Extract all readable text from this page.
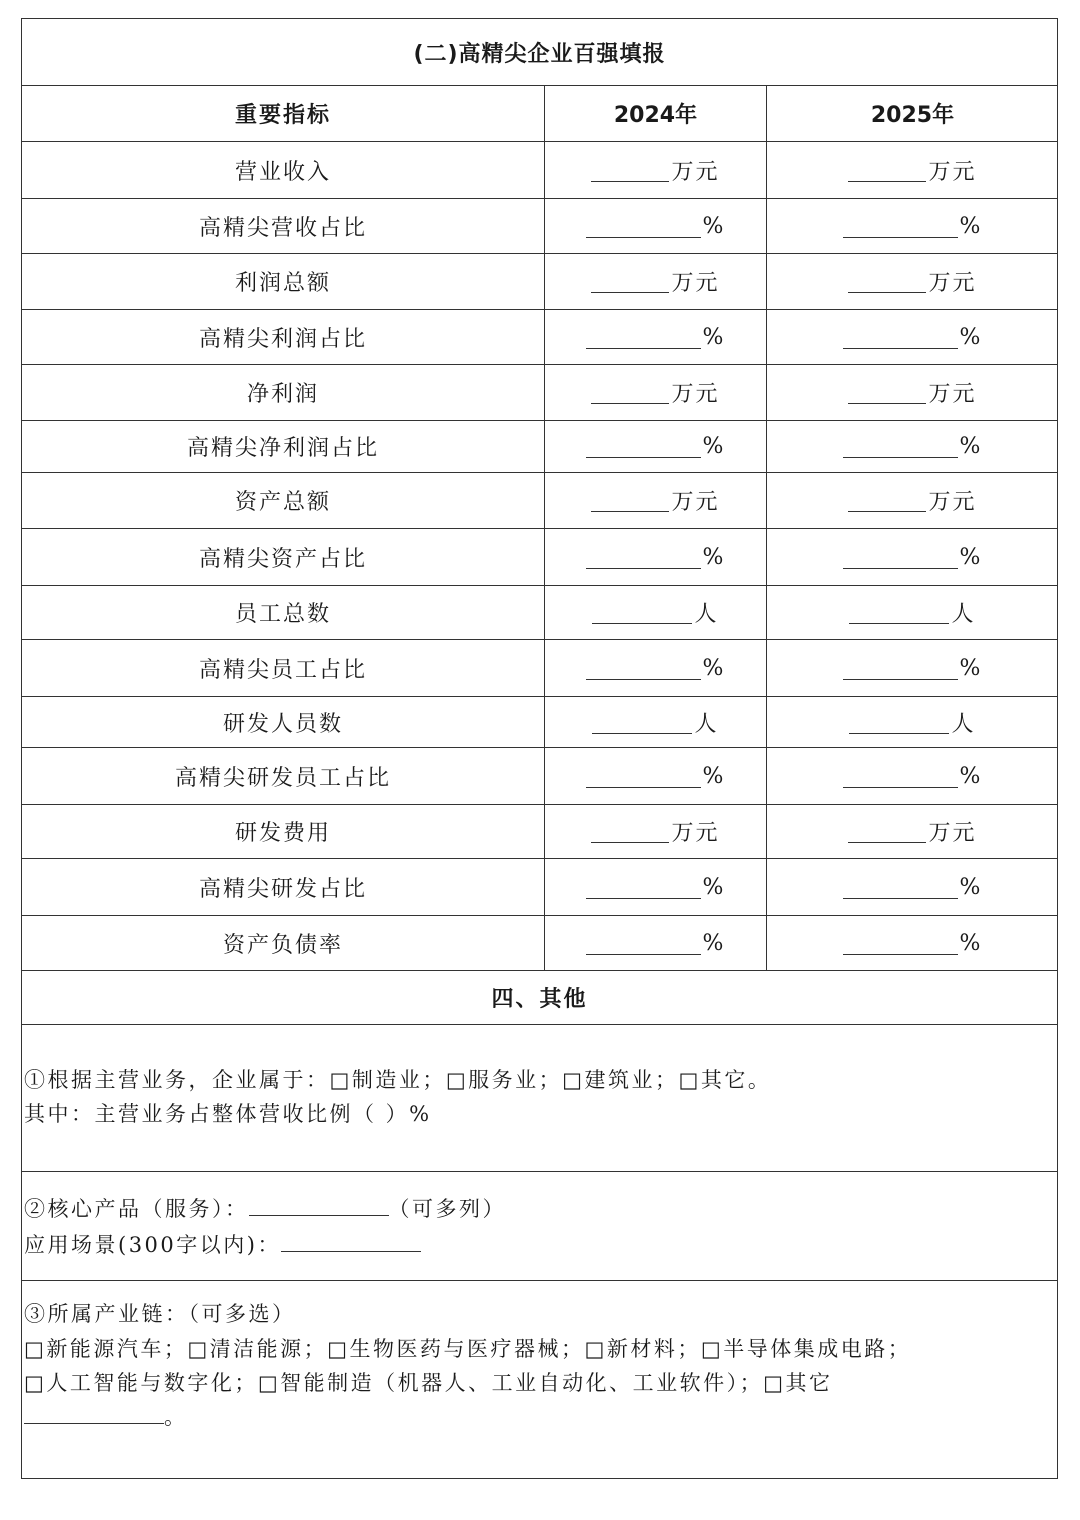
(二)高精尖企业百强填报
重要指标	2024年	2025年
营业收入	万元	万元
高精尖营收占比	%	%
利润总额	万元	万元
高精尖利润占比	%	%
净利润	万元	万元
高精尖净利润占比	%	%
资产总额	万元	万元
高精尖资产占比	%	%
员工总数	人	人
高精尖员工占比	%	%
研发人员数	人	人
高精尖研发员工占比	%	%
研发费用	万元	万元
高精尖研发占比	%	%
资产负债率	%	%
四、其他
①根据主营业务，企业属于：□制造业；□服务业；□建筑业；□其它。
其中：主营业务占整体营收比例（ ）%
②核心产品（服务）：	（可多列）
应用场景(300字以内)：
③所属产业链：（可多选）
□新能源汽车；□清洁能源；□生物医药与医疗器械；□新材料；□半导体集成电路；
□人工智能与数字化；□智能制造（机器人、工业自动化、工业软件）；□其它
。
